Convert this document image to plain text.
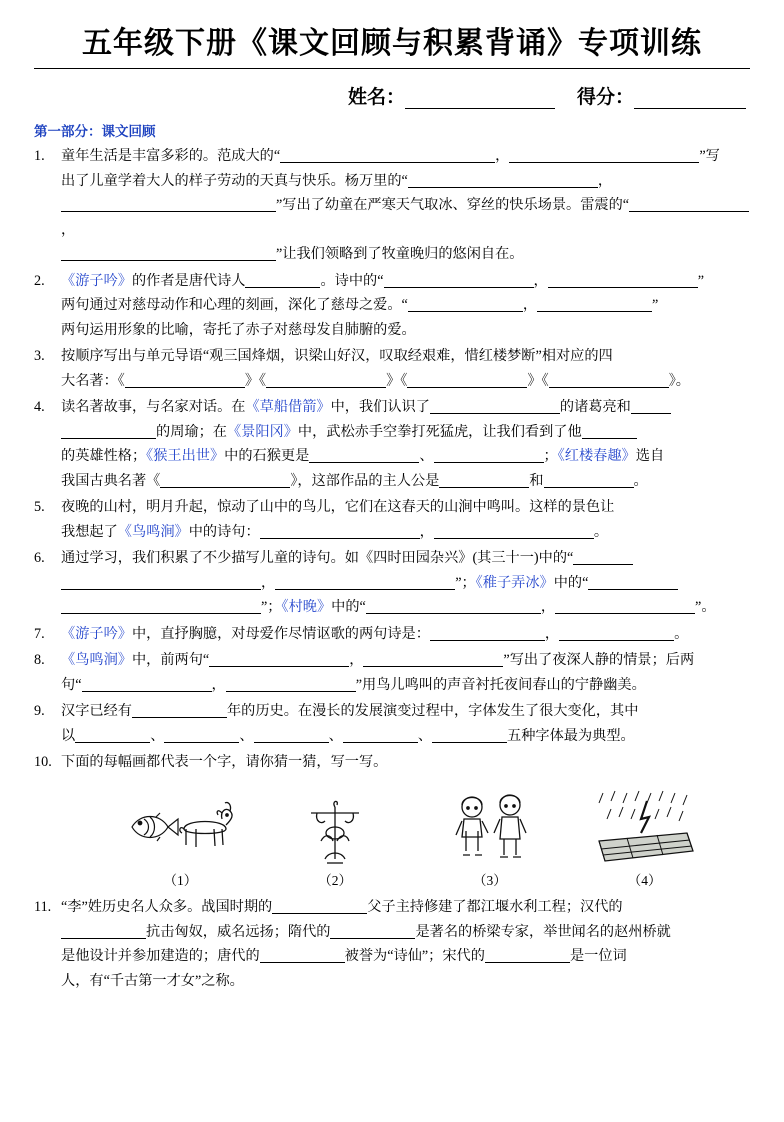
五年级下册《课文回顾与积累背诵》专项训练
姓名：	得分：
第一部分：课文回顾
1.	童年生活是丰富多彩的。范成大的“	，	”写
出了儿童学着大人的样子劳动的天真与快乐。杨万里的“	，
”写出了幼童在严寒天气取冰、穿丝的快乐场景。雷震的“，
”让我们领略到了牧童晚归的悠闲自在。
2.	《游子吟》的作者是唐代诗人	。诗中的“	，	”
两句通过对慈母动作和心理的刻画，深化了慈母之爱。“	，	”
两句运用形象的比喻，寄托了赤子对慈母发自肺腑的爱。
3.	按顺序写出与单元导语“观三国烽烟，识梁山好汉，叹取经艰难，惜红楼梦断”相对应的四
大名著：《	》《	》《	》《	》。
4.	读名著故事，与名家对话。在《草船借箭》中，我们认识了	的诸葛亮和
的周瑜；在《景阳冈》中，武松赤手空拳打死猛虎，让我们看到了他
的英雄性格；《猴王出世》中的石猴更是	、	；《红楼春趣》选自
我国古典名著《	》，这部作品的主人公是	和	。
5.	夜晚的山村，明月升起，惊动了山中的鸟儿，它们在这春天的山涧中鸣叫。这样的景色让
我想起了《鸟鸣涧》中的诗句：	，	。
6.	通过学习，我们积累了不少描写儿童的诗句。如《四时田园杂兴》(其三十一)中的“
，	”；《稚子弄冰》中的“
”；《村晚》中的“	，	”。
7.	《游子吟》中，直抒胸臆，对母爱作尽情讴歌的两句诗是：	，	。
8.	《鸟鸣涧》中，前两句“	，	”写出了夜深人静的情景；后两
句“	，	”用鸟儿鸣叫的声音衬托夜间春山的宁静幽美。
9.	汉字已经有	年的历史。在漫长的发展演变过程中，字体发生了很大变化，其中
以	、	、	、	、	五种字体最为典型。
10. 下面的每幅画都代表一个字，请你猜一猜，写一写。
（1）	（2）	（3）	（4）
11. “李”姓历史名人众多。战国时期的	父子主持修建了都江堰水利工程；汉代的
抗击匈奴，威名远扬；隋代的	是著名的桥梁专家，举世闻名的赵州桥就
是他设计并参加建造的；唐代的	被誉为“诗仙”；宋代的	是一位词
人，有“千古第一才女”之称。
